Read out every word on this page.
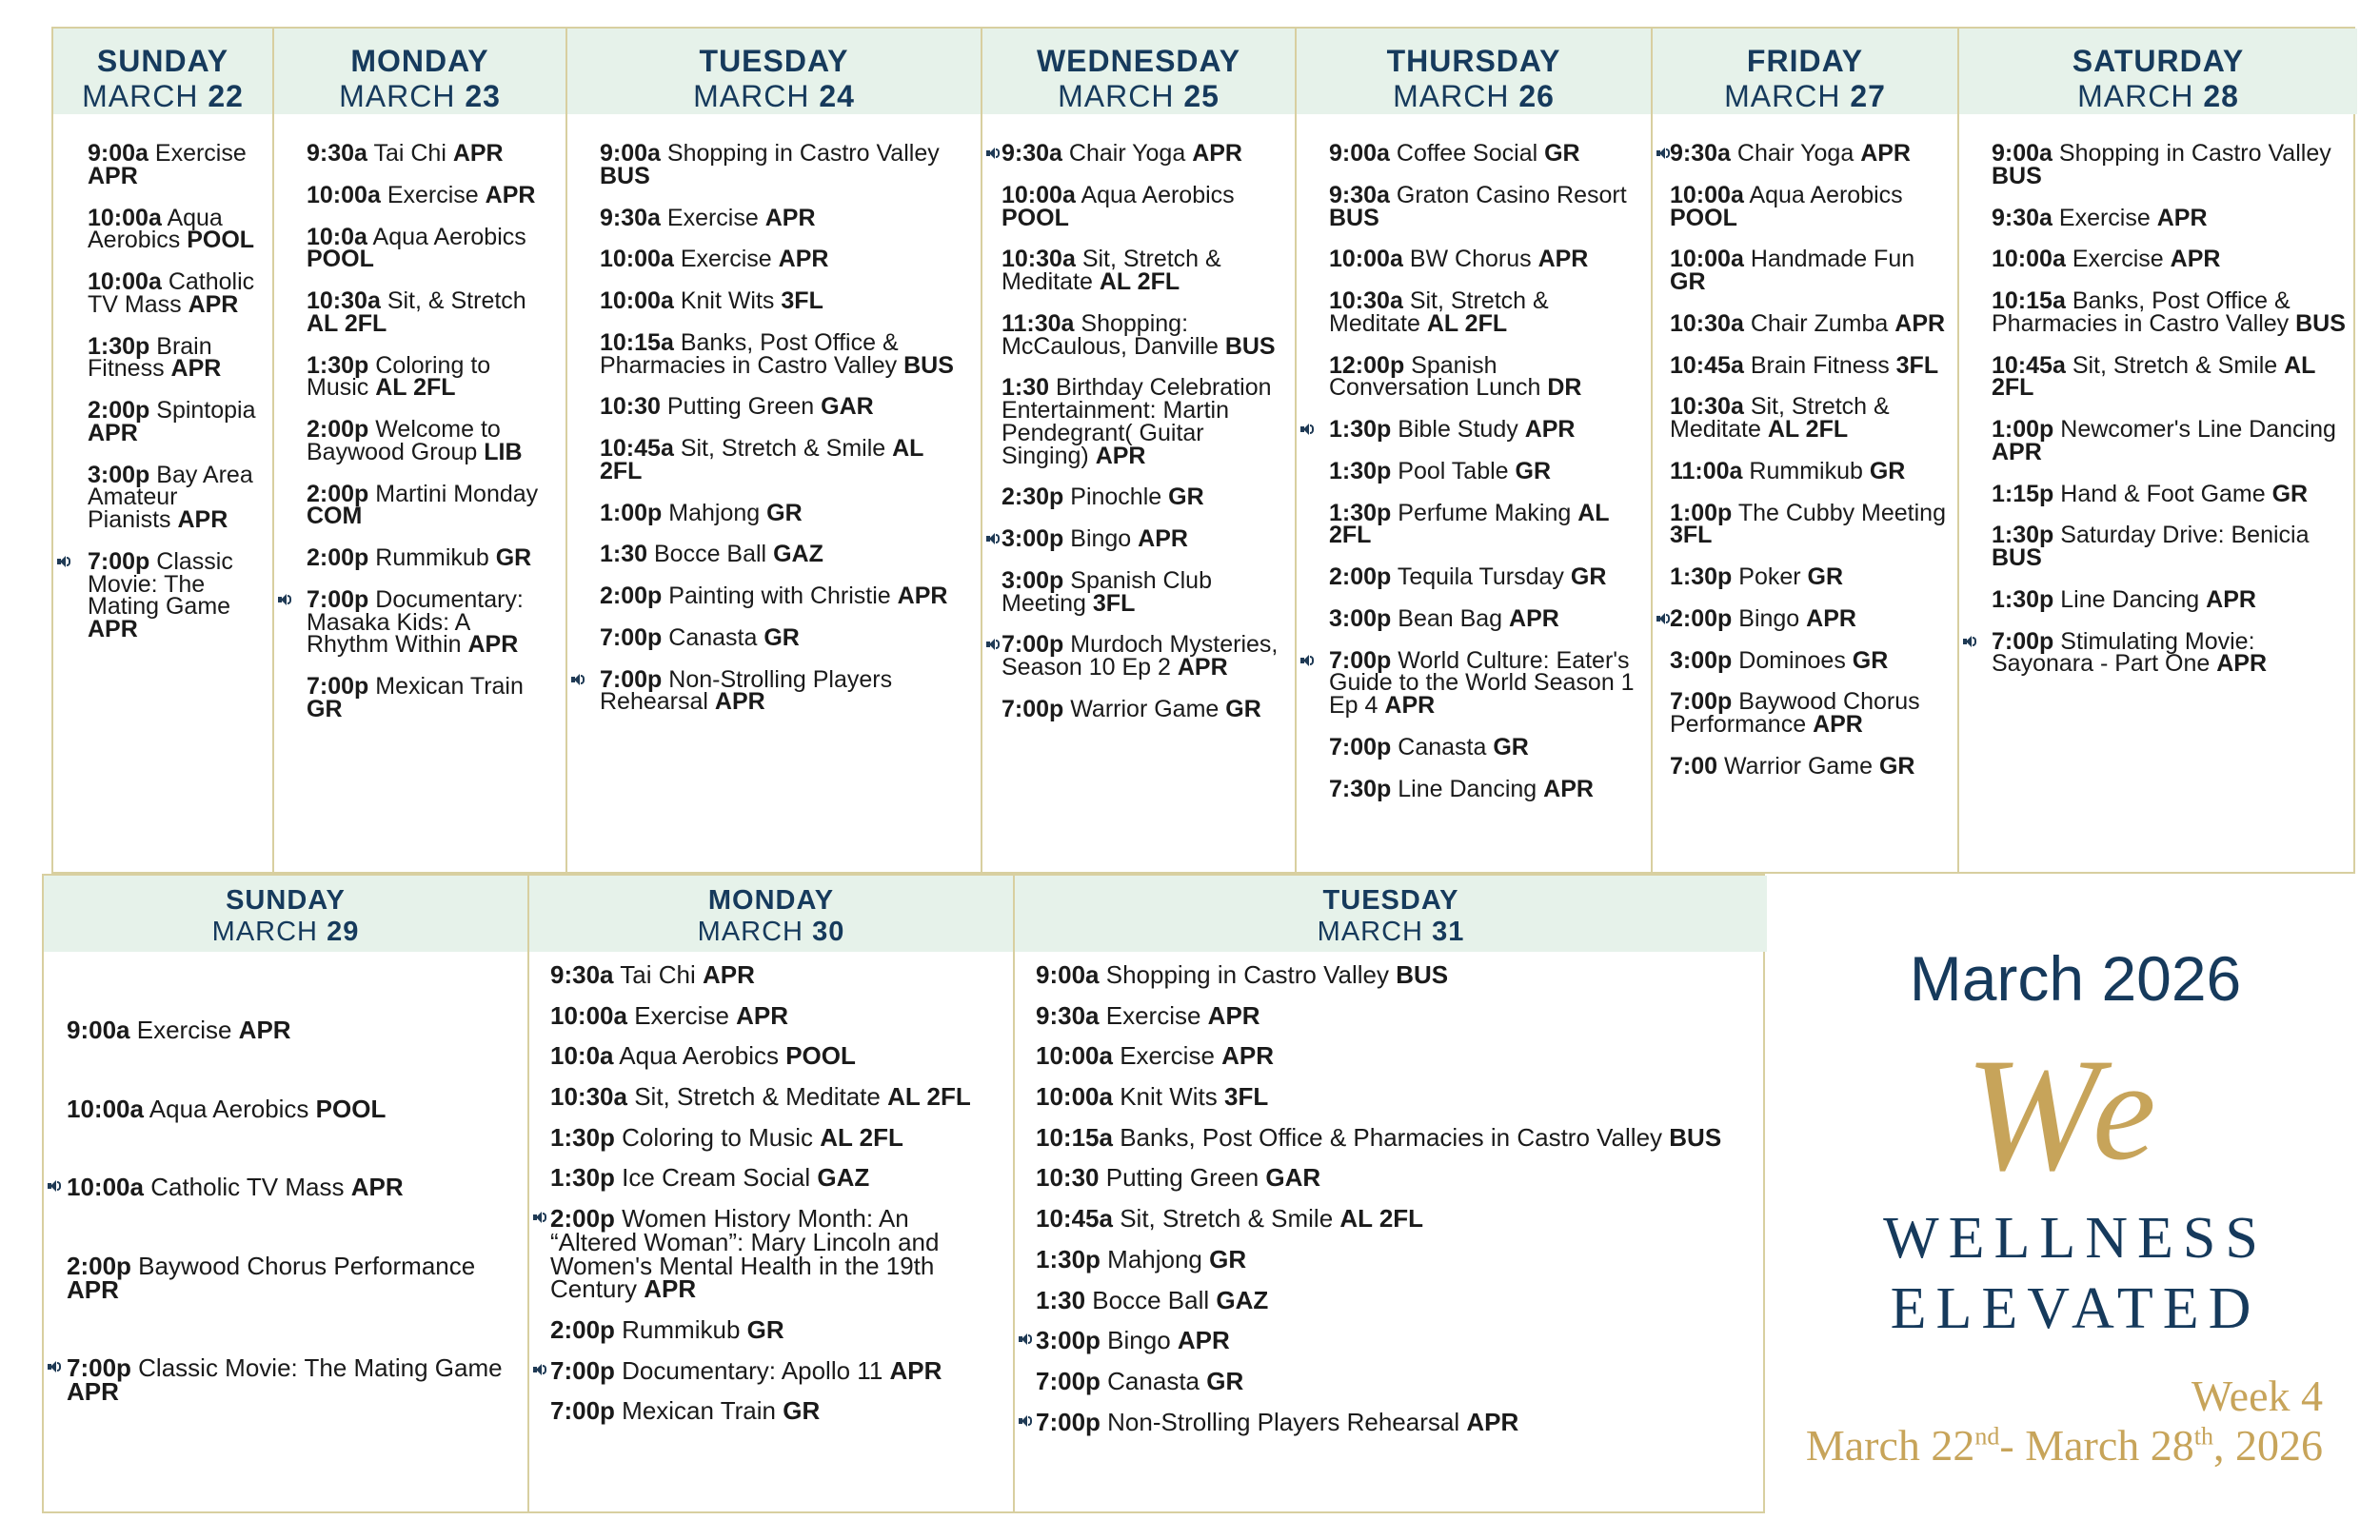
SUNDAY
MARCH 22
9:00a Exercise APR
10:00a Aqua Aerobics POOL
10:00a Catholic TV Mass APR
1:30p Brain Fitness APR
2:00p Spintopia APR
3:00p Bay Area Amateur Pianists APR
7:00p Classic Movie: The Mating Game APR
MONDAY
MARCH 23
9:30a Tai Chi APR
10:00a Exercise APR
10:0a Aqua Aerobics POOL
10:30a Sit, & Stretch AL 2FL
1:30p Coloring to Music AL 2FL
2:00p Welcome to Baywood Group LIB
2:00p Martini Monday COM
2:00p Rummikub GR
7:00p Documentary: Masaka Kids: A Rhythm Within APR
7:00p Mexican Train GR
TUESDAY
MARCH 24
9:00a Shopping in Castro Valley BUS
9:30a Exercise APR
10:00a Exercise APR
10:00a Knit Wits 3FL
10:15a Banks, Post Office & Pharmacies in Castro Valley BUS
10:30 Putting Green GAR
10:45a Sit, Stretch & Smile AL 2FL
1:00p Mahjong GR
1:30 Bocce Ball GAZ
2:00p Painting with Christie APR
7:00p Canasta GR
7:00p Non-Strolling Players Rehearsal APR
WEDNESDAY
MARCH 25
9:30a Chair Yoga APR
10:00a Aqua Aerobics POOL
10:30a Sit, Stretch & Meditate AL 2FL
11:30a Shopping: McCaulous, Danville BUS
1:30 Birthday Celebration Entertainment: Martin Pendegrant( Guitar Singing) APR
2:30p Pinochle GR
3:00p Bingo APR
3:00p Spanish Club Meeting 3FL
7:00p Murdoch Mysteries, Season 10 Ep 2 APR
7:00p Warrior Game GR
THURSDAY
MARCH 26
9:00a Coffee Social GR
9:30a Graton Casino Resort BUS
10:00a BW Chorus APR
10:30a Sit, Stretch & Meditate AL 2FL
12:00p Spanish Conversation Lunch DR
1:30p Bible Study APR
1:30p Pool Table GR
1:30p Perfume Making AL 2FL
2:00p Tequila Tursday GR
3:00p Bean Bag APR
7:00p World Culture: Eater's Guide to the World Season 1 Ep 4 APR
7:00p Canasta GR
7:30p Line Dancing APR
FRIDAY
MARCH 27
9:30a Chair Yoga APR
10:00a Aqua Aerobics POOL
10:00a Handmade Fun GR
10:30a Chair Zumba APR
10:45a Brain Fitness 3FL
10:30a Sit, Stretch & Meditate AL 2FL
11:00a Rummikub GR
1:00p The Cubby Meeting 3FL
1:30p Poker GR
2:00p Bingo APR
3:00p Dominoes GR
7:00p Baywood Chorus Performance APR
7:00 Warrior Game GR
SATURDAY
MARCH 28
9:00a Shopping in Castro Valley BUS
9:30a Exercise APR
10:00a Exercise APR
10:15a Banks, Post Office & Pharmacies in Castro Valley BUS
10:45a Sit, Stretch & Smile AL 2FL
1:00p Newcomer's Line Dancing APR
1:15p Hand & Foot Game GR
1:30p Saturday Drive: Benicia BUS
1:30p Line Dancing APR
7:00p Stimulating Movie: Sayonara - Part One APR
SUNDAY
MARCH 29
9:00a Exercise APR
10:00a Aqua Aerobics POOL
10:00a Catholic TV Mass APR
2:00p Baywood Chorus Performance APR
7:00p Classic Movie: The Mating Game APR
MONDAY
MARCH 30
9:30a Tai Chi APR
10:00a Exercise APR
10:0a Aqua Aerobics POOL
10:30a Sit, Stretch & Meditate AL 2FL
1:30p Coloring to Music AL 2FL
1:30p Ice Cream Social GAZ
2:00p Women History Month: An “Altered Woman”: Mary Lincoln and Women's Mental Health in the 19th Century APR
2:00p Rummikub GR
7:00p Documentary: Apollo 11 APR
7:00p Mexican Train GR
TUESDAY
MARCH 31
9:00a Shopping in Castro Valley BUS
9:30a Exercise APR
10:00a Exercise APR
10:00a Knit Wits 3FL
10:15a Banks, Post Office & Pharmacies in Castro Valley BUS
10:30 Putting Green GAR
10:45a Sit, Stretch & Smile AL 2FL
1:30p Mahjong GR
1:30 Bocce Ball GAZ
3:00p Bingo APR
7:00p Canasta GR
7:00p Non-Strolling Players Rehearsal APR
March 2026
W
e
WELLNESS
ELEVATED
Week 4
March 22nd- March 28th, 2026
